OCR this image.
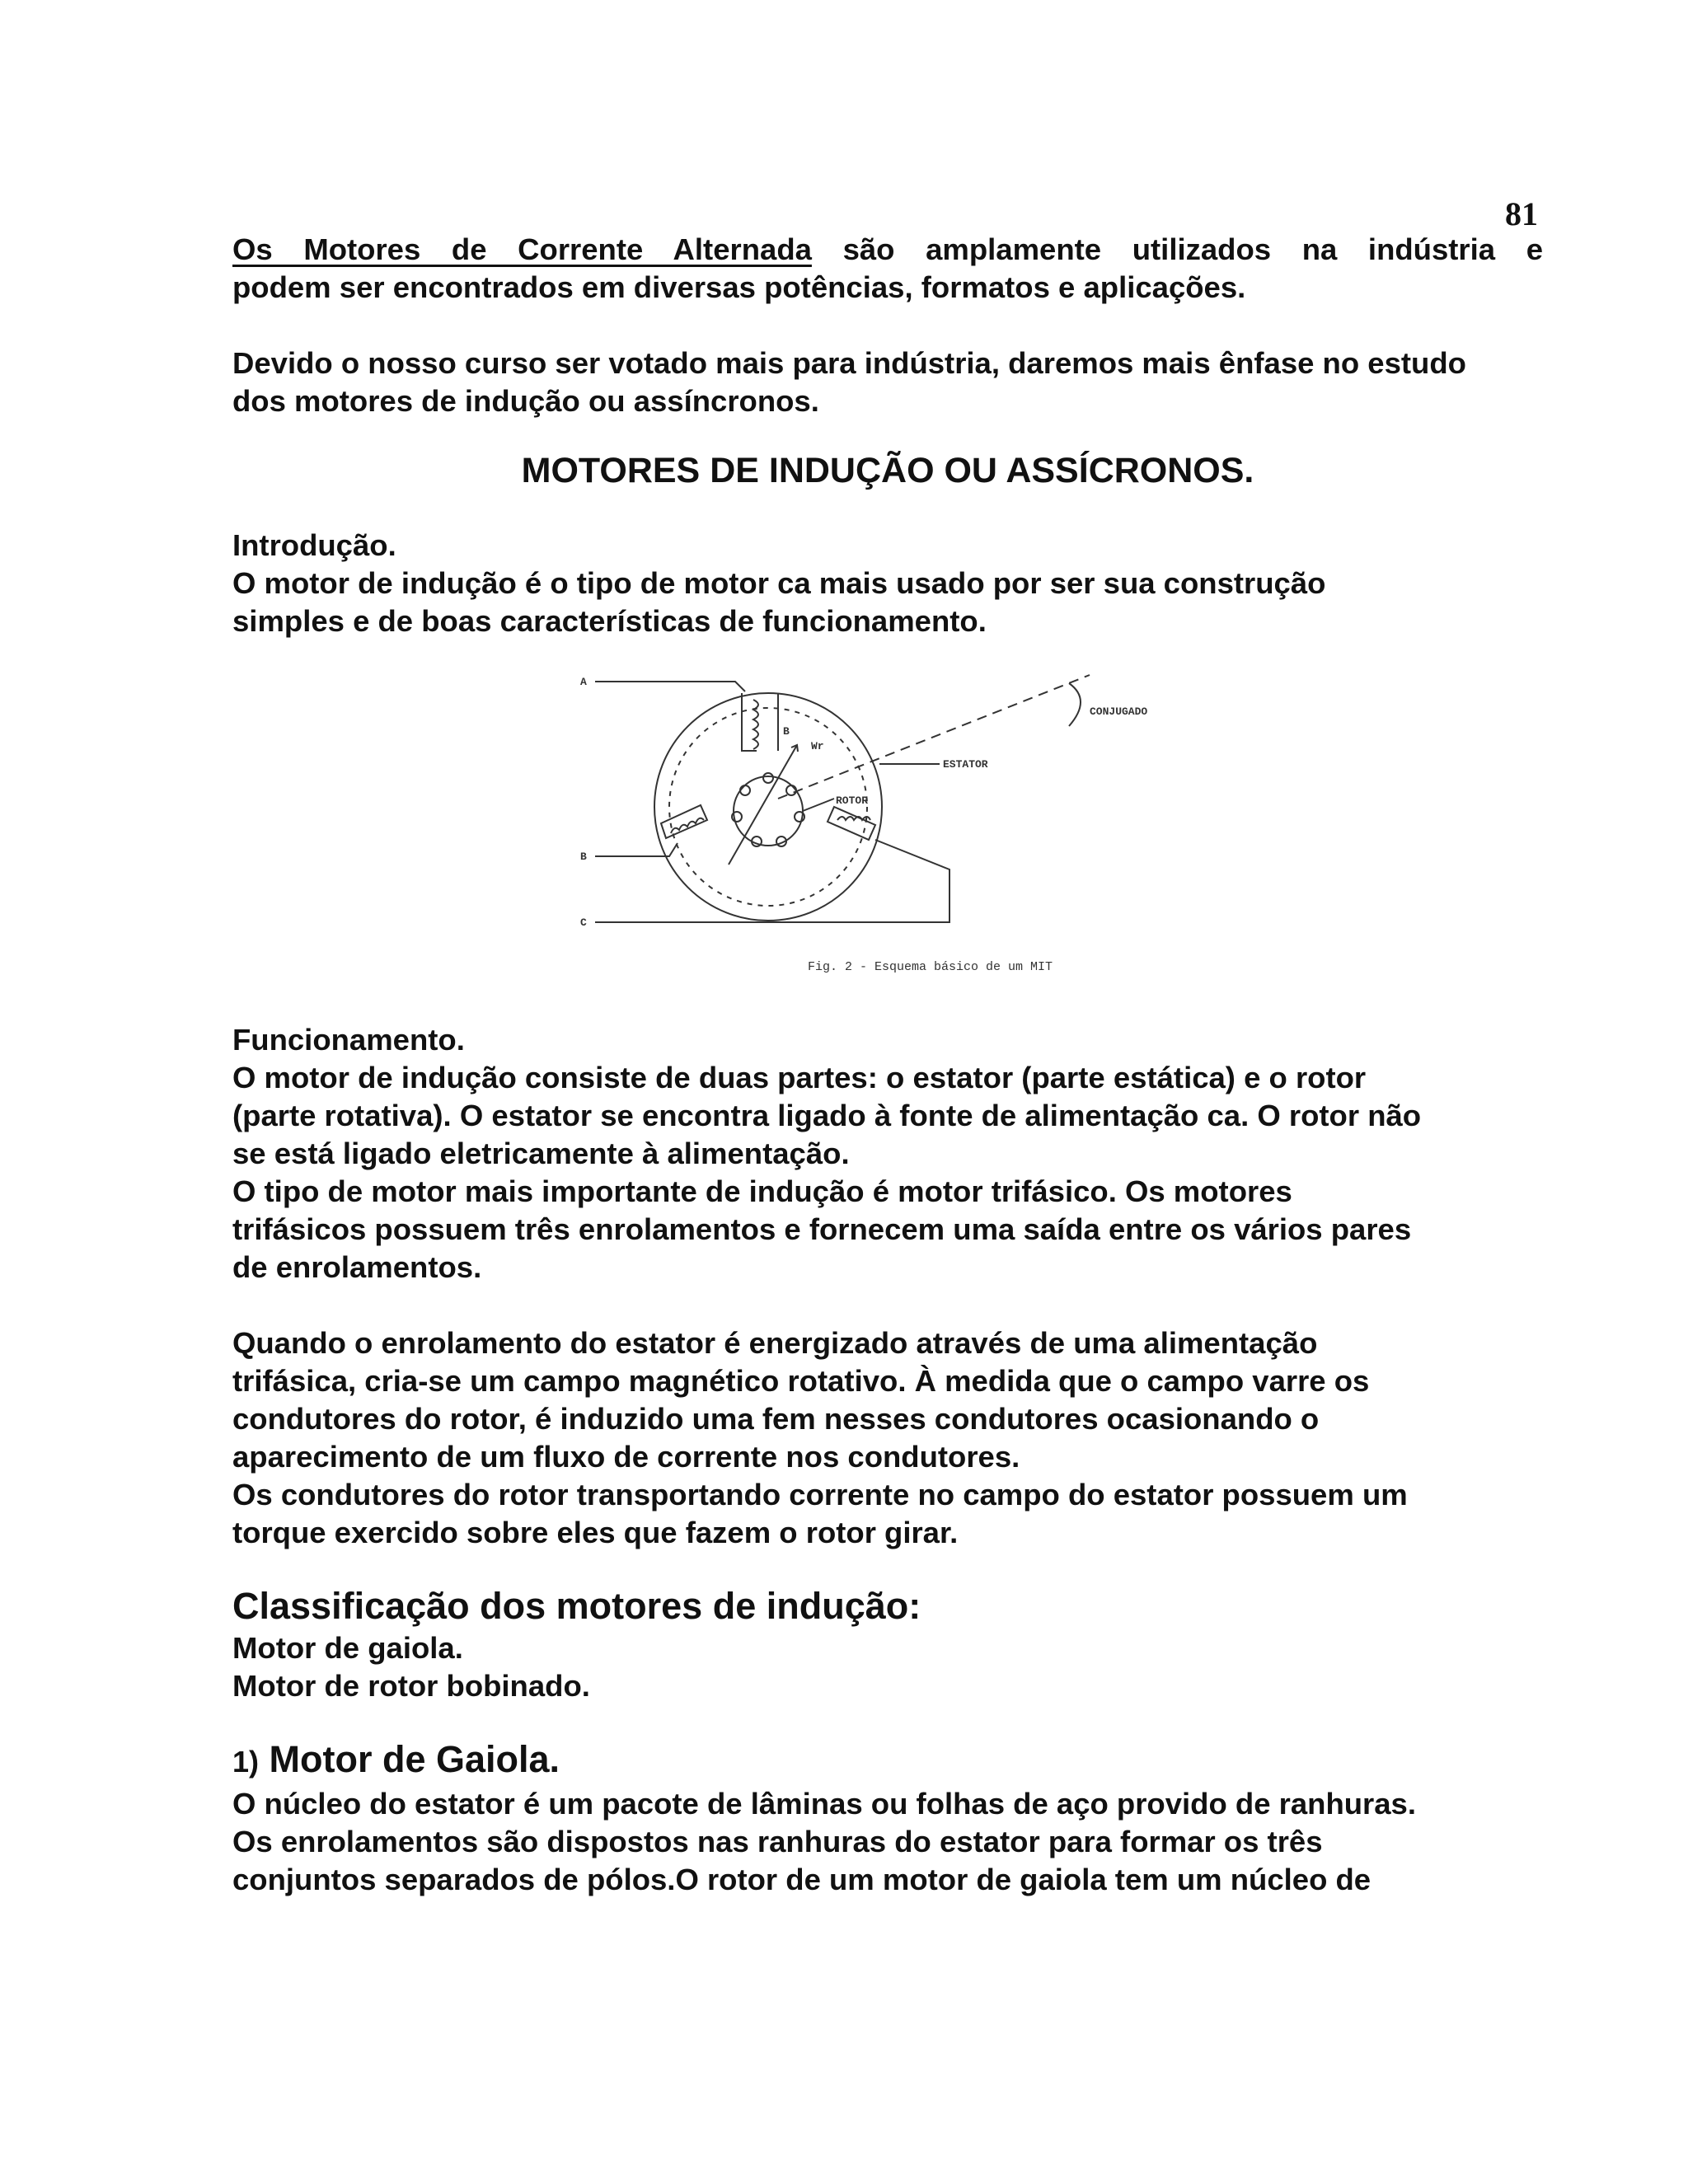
81

Os Motores de Corrente Alternada são amplamente utilizados na indústria e

podem ser encontrados em diversas potências, formatos e aplicações.

Devido o nosso curso ser votado mais para indústria, daremos mais ênfase no estudo

dos motores de indução ou assíncronos.

MOTORES DE INDUÇÃO OU ASSÍCRONOS.

Introdução.

O motor de indução é o tipo de motor ca mais usado por ser sua construção

simples e de boas características de funcionamento.

A
B
C
CONJUGADO
ESTATOR
ROTOR
Wr
B
Fig. 2 - Esquema básico de um MIT

Funcionamento.

O motor de indução consiste de duas partes: o estator (parte estática) e o rotor

(parte rotativa). O estator se encontra ligado à fonte de alimentação ca. O rotor não

se está ligado eletricamente à alimentação.

O tipo de motor mais importante de indução é motor trifásico. Os motores

trifásicos possuem três enrolamentos e fornecem uma saída entre os vários pares

de enrolamentos.

Quando o enrolamento do estator é energizado através de uma alimentação

trifásica, cria-se um campo magnético rotativo. À medida que o campo varre os

condutores do rotor, é induzido uma fem nesses condutores ocasionando o

aparecimento de um fluxo de corrente nos condutores.

Os condutores do rotor transportando corrente no campo do estator possuem um

torque exercido sobre eles que fazem o rotor girar.

Classificação dos motores de indução:

Motor de gaiola.

Motor de rotor bobinado.

1) Motor de Gaiola.

O núcleo do estator é um pacote de lâminas ou folhas de aço provido de ranhuras.

Os enrolamentos são dispostos nas ranhuras do estator para formar os três

conjuntos separados de pólos.O rotor de um motor de gaiola tem um núcleo de
